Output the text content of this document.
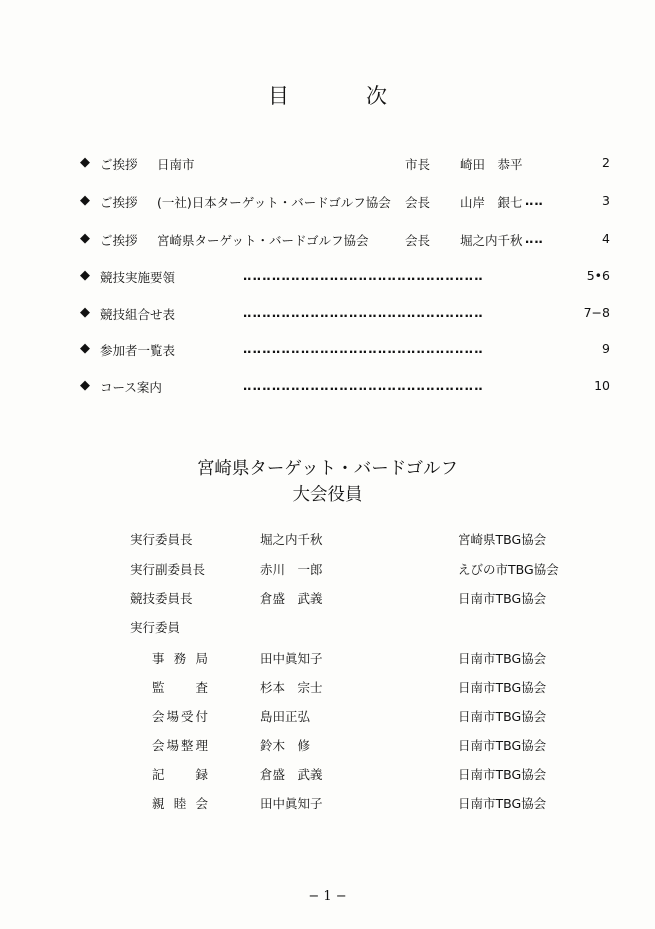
目　次
◆ ご挨拶 日南市	市長 崎田　恭平	2
◆ ご挨拶 (一社)日本ターゲット・バードゴルフ協会 会長 山岸　銀七 ‥‥	3
◆ ご挨拶 宮崎県ターゲット・バードゴルフ協会	会長 堀之内千秋 ‥‥	4
◆ 競技実施要領	‥‥‥‥‥‥‥‥‥‥‥‥‥‥‥‥‥‥‥‥‥‥‥‥‥	5•6
◆ 競技組合せ表	‥‥‥‥‥‥‥‥‥‥‥‥‥‥‥‥‥‥‥‥‥‥‥‥‥	7−8
◆ 参加者一覧表	‥‥‥‥‥‥‥‥‥‥‥‥‥‥‥‥‥‥‥‥‥‥‥‥‥	9
◆ コース案内	‥‥‥‥‥‥‥‥‥‥‥‥‥‥‥‥‥‥‥‥‥‥‥‥‥	10
宮崎県ターゲット・バードゴルフ
大会役員
実行委員長	堀之内千秋	宮崎県TBG協会
実行副委員長	赤川　一郎	えびの市TBG協会
競技委員長	倉盛　武義	日南市TBG協会
実行委員
事務局	田中眞知子	日南市TBG協会
監査	杉本　宗士	日南市TBG協会
会場受付	島田正弘	日南市TBG協会
会場整理	鈴木　修	日南市TBG協会
記録	倉盛　武義	日南市TBG協会
親睦会	田中眞知子	日南市TBG協会
− 1 −
